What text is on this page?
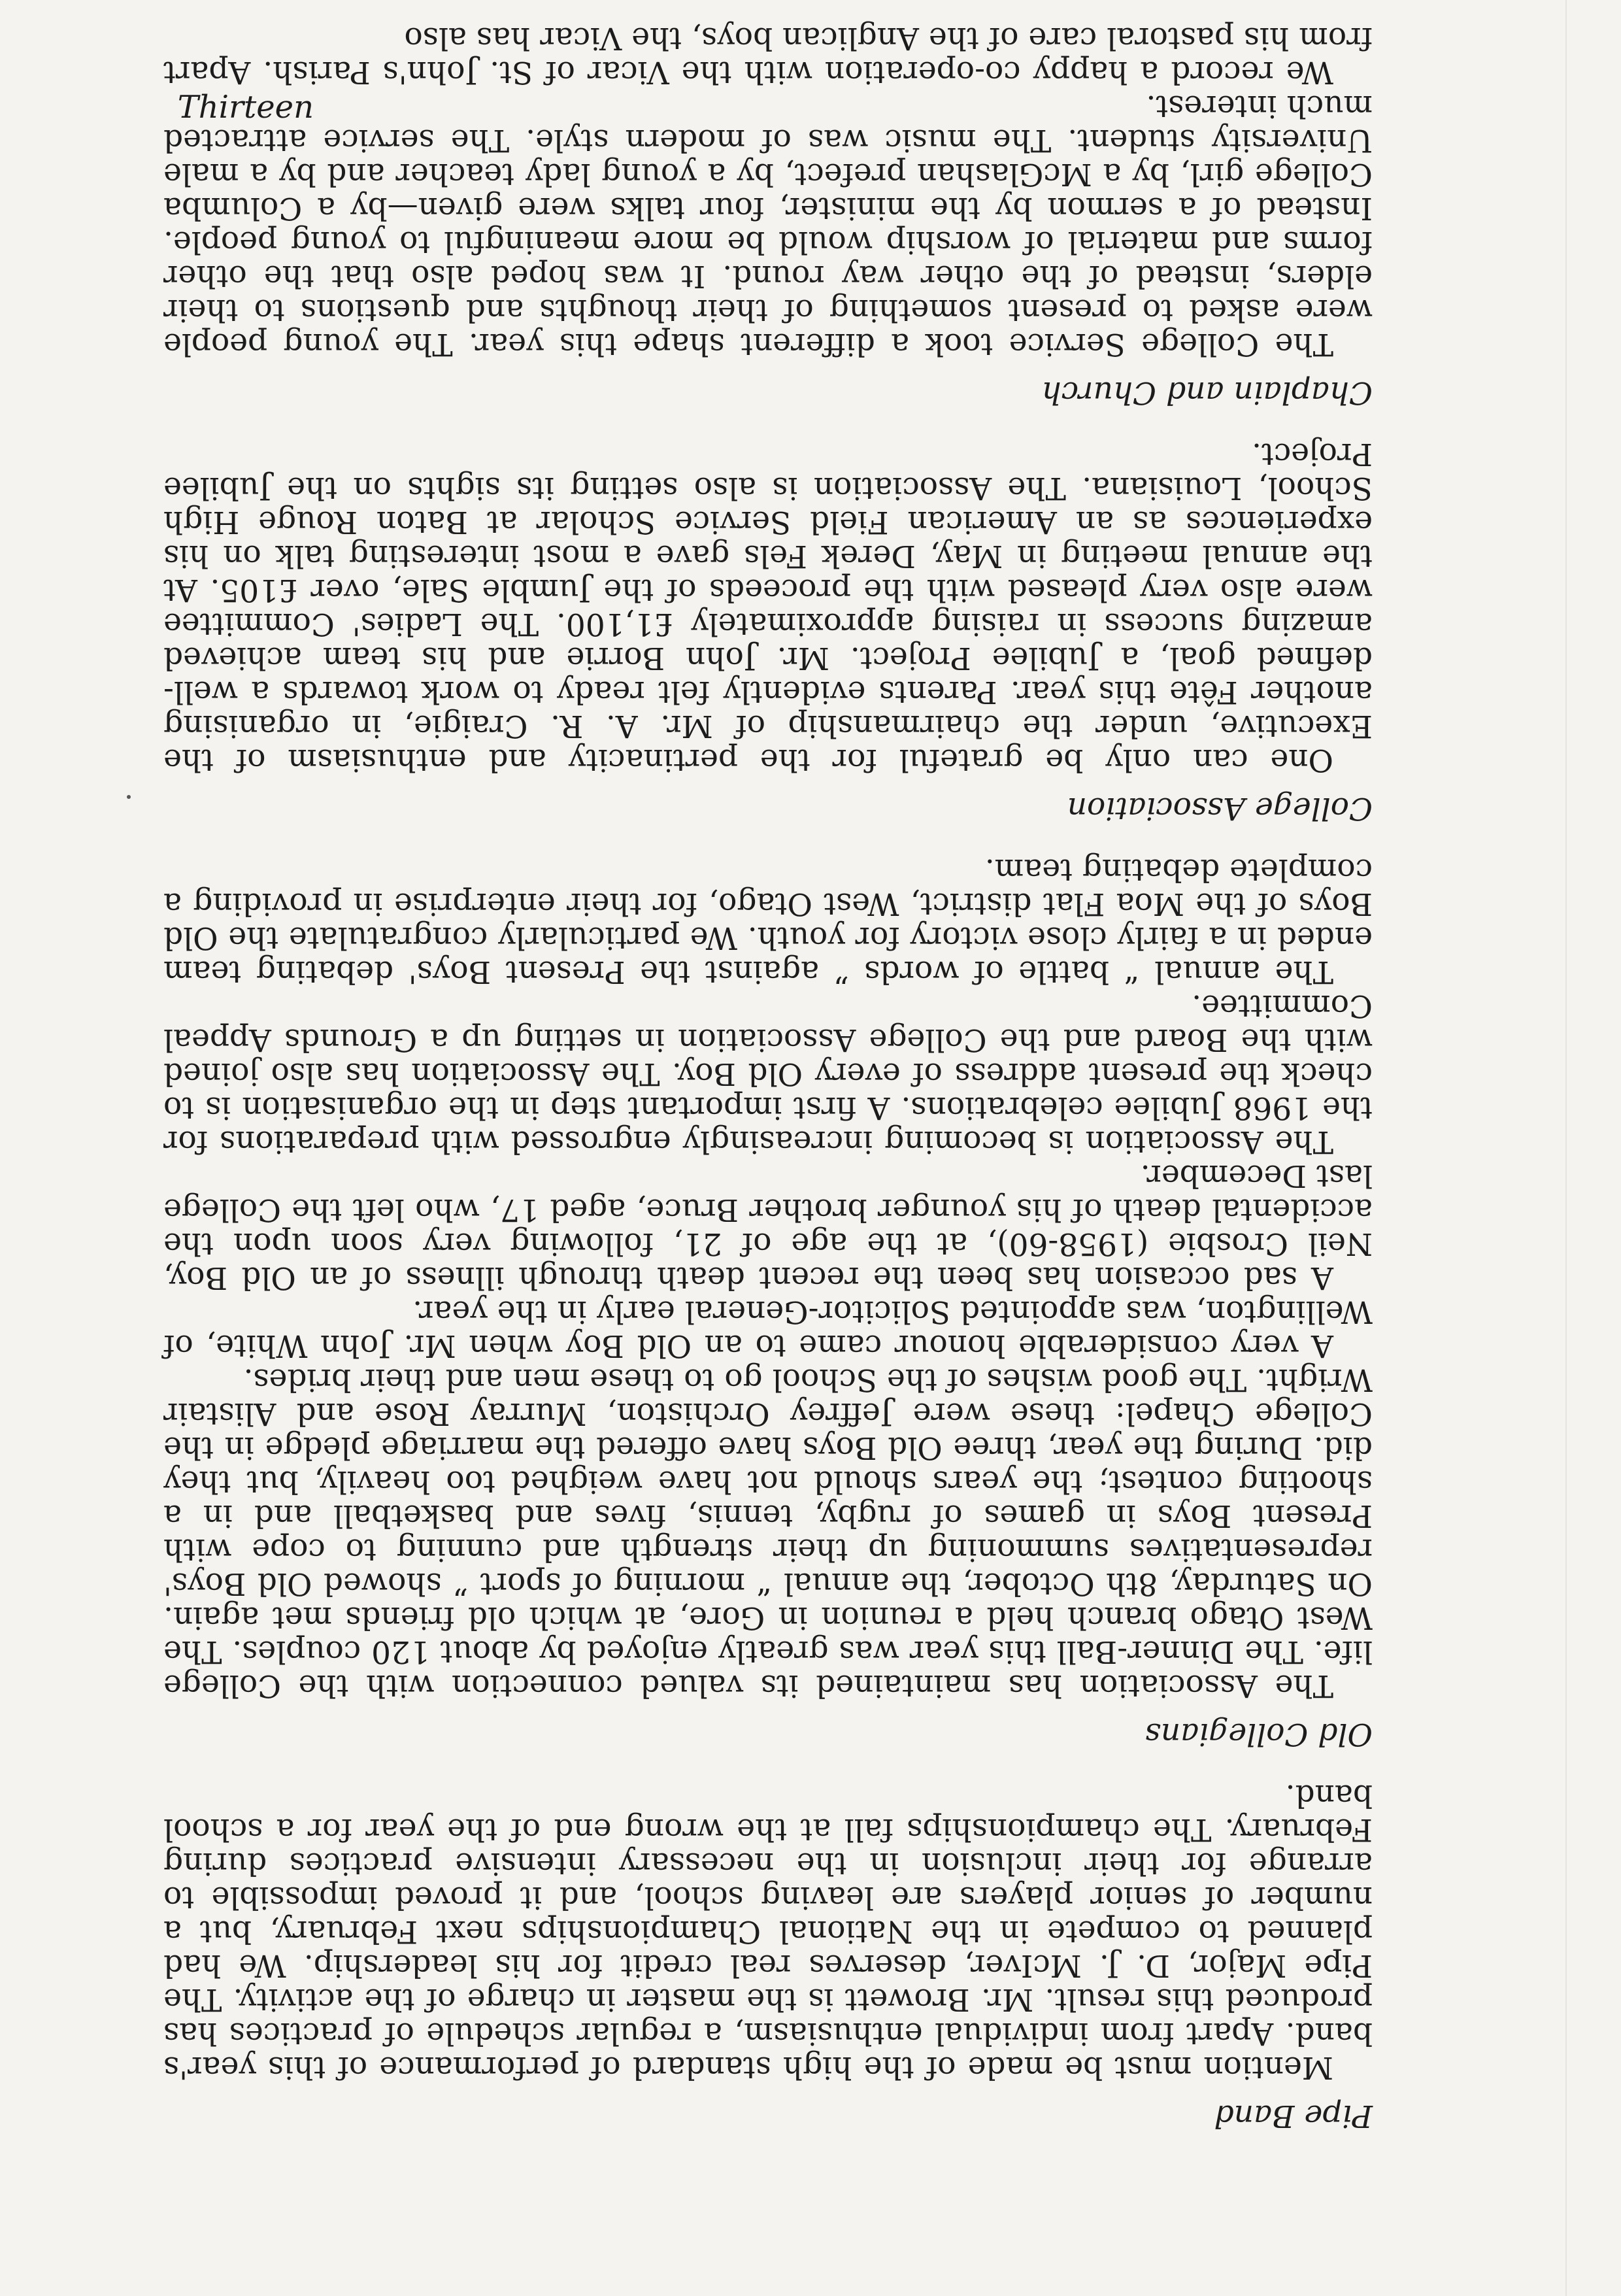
Pipe Band

Mention must be made of the high standard of performance of this year's band. Apart from individual enthusiasm, a regular schedule of practices has produced this result. Mr. Browett is the master in charge of the activity. The Pipe Major, D. J. McIver, deserves real credit for his leadership. We had planned to compete in the National Championships next February, but a number of senior players are leaving school, and it proved impossible to arrange for their inclusion in the necessary intensive practices during February. The championships fall at the wrong end of the year for a school band.

Old Collegians

The Association has maintained its valued connection with the College life. The Dinner-Ball this year was greatly enjoyed by about 120 couples. The West Otago branch held a reunion in Gore, at which old friends met again. On Saturday, 8th October, the annual “ morning of sport ” showed Old Boys' representatives summoning up their strength and cunning to cope with Present Boys in games of rugby, tennis, fives and basketball and in a shooting contest; the years should not have weighed too heavily, but they did. During the year, three Old Boys have offered the marriage pledge in the College Chapel: these were Jeffrey Orchiston, Murray Rose and Alistair Wright. The good wishes of the School go to these men and their brides.

A very considerable honour came to an Old Boy when Mr. John White, of Wellington, was appointed Solicitor-General early in the year.

A sad occasion has been the recent death through illness of an Old Boy, Neil Crosbie (1958-60), at the age of 21, following very soon upon the accidental death of his younger brother Bruce, aged 17, who left the College last December.

The Association is becoming increasingly engrossed with preparations for the 1968 Jubilee celebrations. A first important step in the organisation is to check the present address of every Old Boy. The Association has also joined with the Board and the College Association in setting up a Grounds Appeal Committee.

The annual “ battle of words ” against the Present Boys' debating team ended in a fairly close victory for youth. We particularly congratulate the Old Boys of the Moa Flat district, West Otago, for their enterprise in providing a complete debating team.

College Association

One can only be grateful for the pertinacity and enthusiasm of the Executive, under the chairmanship of Mr. A. R. Craigie, in organising another Fête this year. Parents evidently felt ready to work towards a well-defined goal, a Jubilee Project. Mr. John Borrie and his team achieved amazing success in raising approximately £1,100. The Ladies' Committee were also very pleased with the proceeds of the Jumble Sale, over £105. At the annual meeting in May, Derek Fels gave a most interesting talk on his experiences as an American Field Service Scholar at Baton Rouge High School, Louisiana. The Association is also setting its sights on the Jubilee Project.

Chaplain and Church

The College Service took a different shape this year. The young people were asked to present something of their thoughts and questions to their elders, instead of the other way round. It was hoped also that the other forms and material of worship would be more meaningful to young people. Instead of a sermon by the minister, four talks were given—by a Columba College girl, by a McGlashan prefect, by a young lady teacher and by a male University student. The music was of modern style. The service attracted much interest.

We record a happy co-operation with the Vicar of St. John's Parish. Apart from his pastoral care of the Anglican boys, the Vicar has also

Thirteen
